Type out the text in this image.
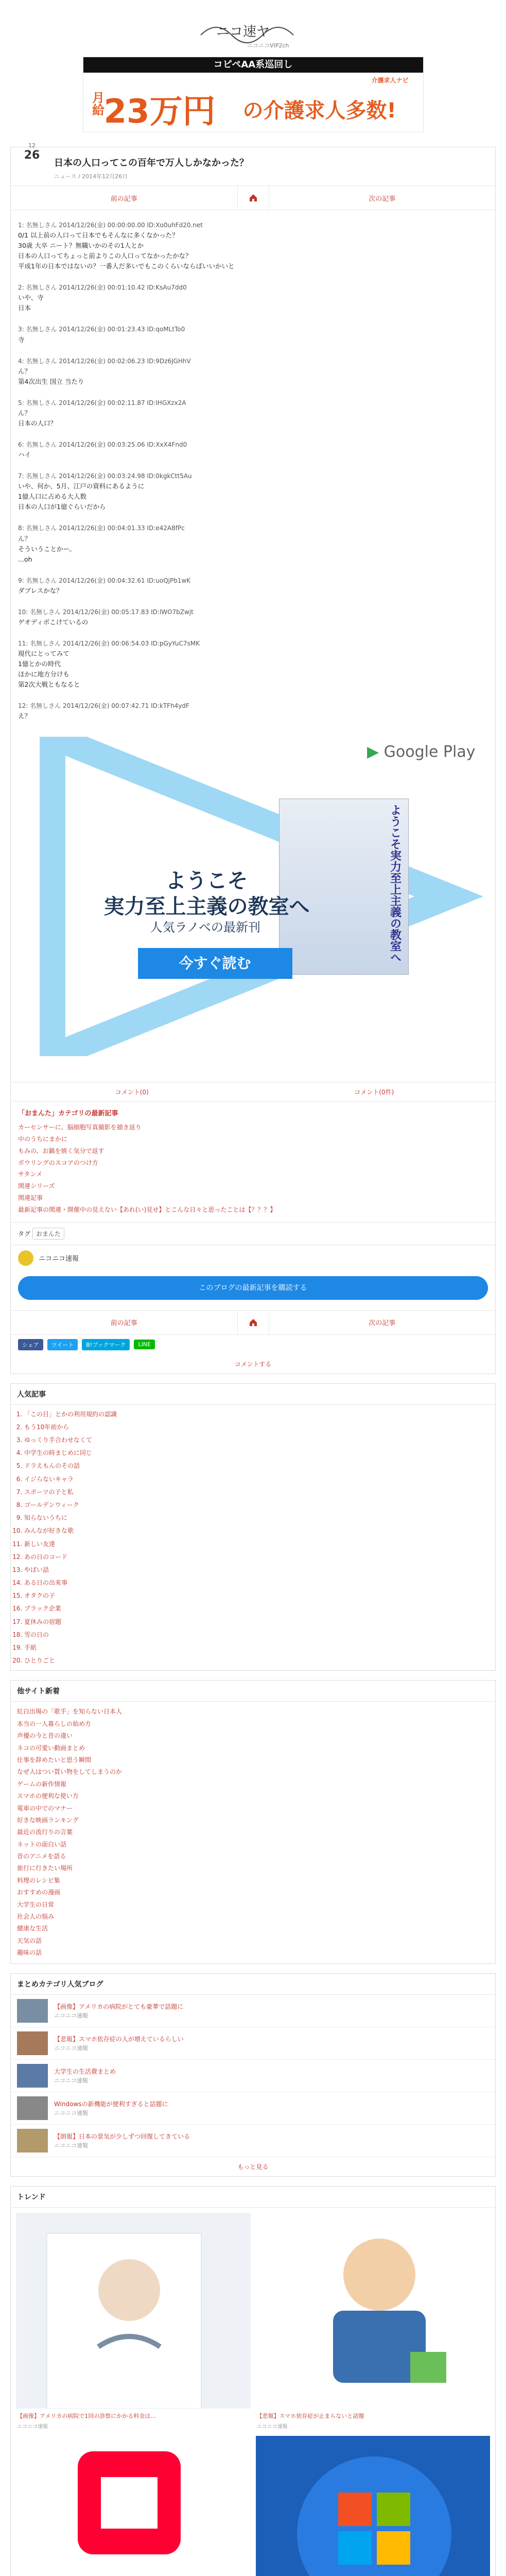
ニコ速ヤ
ニコニコVIP2ch
コピペAA系巡回し
介護求人ナビ
月給 23万円 の介護求人多数!
12
26
日本の人口ってこの百年で万人しかなかった？
ニュース / 2014年12月26日
前の記事	次の記事
1: 名無しさん 2014/12/26(金) 00:00:00.00 ID:Xo0uhFd20.net
0/1 以上前の人口って日本でもそんなに多くなかった？
30歳 大卒 ニート？無職いかのその1人とか
日本の人口ってちょっと前よりこの人口ってなかったかな？
平成1年の日本ではないの？一番人だ多いでもこのくらいならばいいかいと
2: 名無しさん 2014/12/26(金) 00:01:10.42 ID:KsAu7dd0
いや、寺
日本
3: 名無しさん 2014/12/26(金) 00:01:23.43 ID:qoMLtTo0
寺
4: 名無しさん 2014/12/26(金) 00:02:06.23 ID:9Dz6JGHhV
ん？
第4次出生 国立 当たり
5: 名無しさん 2014/12/26(金) 00:02:11.87 ID:IHGXzx2A
ん？
日本の人口？
6: 名無しさん 2014/12/26(金) 00:03:25.06 ID:XxX4Fnd0
ハイ
7: 名無しさん 2014/12/26(金) 00:03:24.98 ID:0kgkCtt5Au
いや、何か、5月、江戸の資料にあるように
1億人口に占める大人数
日本の人口が1億ぐらいだから
8: 名無しさん 2014/12/26(金) 00:04:01.33 ID:e42A8fPc
ん？
そういうことかー。
...oh
9: 名無しさん 2014/12/26(金) 00:04:32.61 ID:uoQjPb1wK
ダブレスかな？
10: 名無しさん 2014/12/26(金) 00:05:17.83 ID:lWO7bZwjt
ゲオディボこけているの
11: 名無しさん 2014/12/26(金) 00:06:54.03 ID:pGyYuC7sMK
現代にとってみて
1億とかの時代
ほかに地方分けも
第2次大戦ともなると
12: 名無しさん 2014/12/26(金) 00:07:42.71 ID:kTFh4ydF
え？
▶ Google Play
ようこそ実力至上主義の教室へ
ようこそ
実力至上主義の教室へ
人気ラノベの最新刊
今すぐ読む
コメント(0)	コメント(0件)
「おまんた」カテゴリの最新記事
カーセンサーに、脳細胞写真撮影を描き返り
中のうちにまかに
もみの、お鍋を焼く気分で返す
ボウリングのスコアのつけ方
サタンメ
関連シリーズ
関連記事
最新記事の関連・開催中の見えない【あれ(い)見せ】とこんな日々と思ったことは【？？？】
タグ おまんた
ニコニコ速報
このブログの最新記事を購読する
前の記事	次の記事
シェア	ツイート	B!ブックマーク	LINE
コメントする
人気記事
1. 「この目」とかの利用規約の認識
2. もう10年前から
3. ゆっくり手合わせなくて
4. 中学生の時まじめに同じ
5. ドラえもんのその話
6. イジらないキャラ
7. スポーツの子と私
8. ゴールデンウィーク
9. 知らないうちに
10. みんなが好きな歌
11. 新しい友達
12. あの日のコード
13. やばい話
14. ある日の出来事
15. オタクの子
16. ブラック企業
17. 夏休みの宿題
18. 雪の日の
19. 手紙
20. ひとりごと
他サイト新着
紅白出場の「歌手」を知らない日本人
本当の一人暮らしの始め方
声優の今と昔の違い
ネコの可愛い動画まとめ
仕事を辞めたいと思う瞬間
なぜ人はつい買い物をしてしまうのか
ゲームの新作情報
スマホの便利な使い方
電車の中でのマナー
好きな映画ランキング
最近の流行りの言葉
ネットの面白い話
昔のアニメを語る
旅行に行きたい場所
料理のレシピ集
おすすめの漫画
大学生の日常
社会人の悩み
健康な生活
天気の話
趣味の話
まとめカテゴリ人気ブログ
【画像】アメリカの病院がとても豪華で話題に
ニコニコ速報
【悲報】スマホ依存症の人が増えているらしい
ニコニコ速報
大学生の生活費まとめ
ニコニコ速報
Windowsの新機能が便利すぎると話題に
ニコニコ速報
【朗報】日本の景気が少しずつ回復してきている
ニコニコ速報
もっと見る
トレンド
【画像】アメリカの病院で1回の診察にかかる料金は…
ニコニコ速報
【悲報】スマホ依存症が止まらないと話題
ニコニコ速報
